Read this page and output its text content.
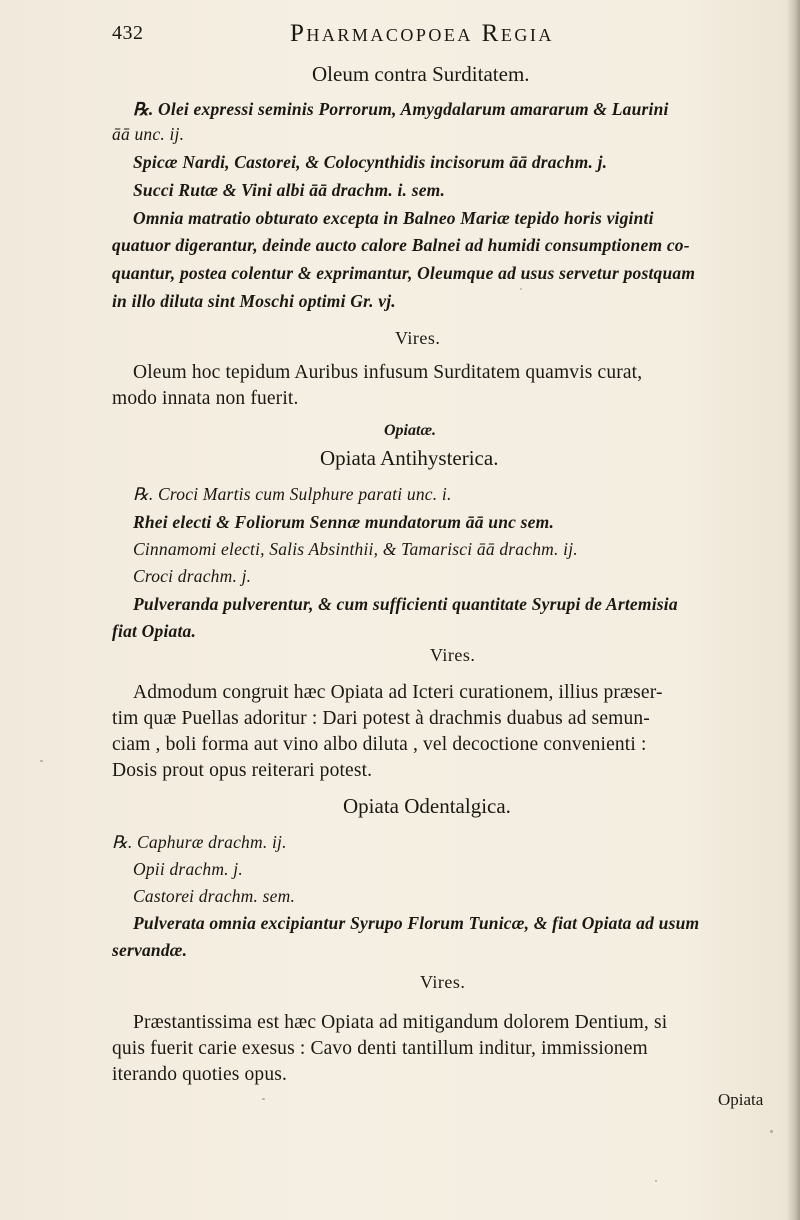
432	Pharmacopoea Regia
Oleum contra Surditatem.
℞. Olei expressi seminis Porrorum, Amygdalarum amararum & Laurini
āā unc. ij.
Spicæ Nardi, Castorei, & Colocynthidis incisorum āā drachm. j.
Succi Rutæ & Vini albi āā drachm. i. sem.
Omnia matratio obturato excepta in Balneo Mariæ tepido horis viginti
quatuor digerantur, deinde aucto calore Balnei ad humidi consumptionem co-
quantur, postea colentur & exprimantur, Oleumque ad usus servetur postquam
in illo diluta sint Moschi optimi Gr. vj.
Vires.
Oleum hoc tepidum Auribus infusum Surditatem quamvis curat,
modo innata non fuerit.
Opiatæ.
Opiata Antihysterica.
℞. Croci Martis cum Sulphure parati unc. i.
Rhei electi & Foliorum Sennæ mundatorum āā unc sem.
Cinnamomi electi, Salis Absinthii, & Tamarisci āā drachm. ij.
Croci drachm. j.
Pulveranda pulverentur, & cum sufficienti quantitate Syrupi de Artemisia
fiat Opiata.
Vires.
Admodum congruit hæc Opiata ad Icteri curationem, illius præser-
tim quæ Puellas adoritur : Dari potest à drachmis duabus ad semun-
ciam , boli forma aut vino albo diluta , vel decoctione convenienti :
Dosis prout opus reiterari potest.
Opiata Odentalgica.
℞. Caphuræ drachm. ij.
Opii drachm. j.
Castorei drachm. sem.
Pulverata omnia excipiantur Syrupo Florum Tunicæ, & fiat Opiata ad usum
servandæ.
Vires.
Præstantissima est hæc Opiata ad mitigandum dolorem Dentium, si
quis fuerit carie exesus : Cavo denti tantillum inditur, immissionem
iterando quoties opus.
Opiata
